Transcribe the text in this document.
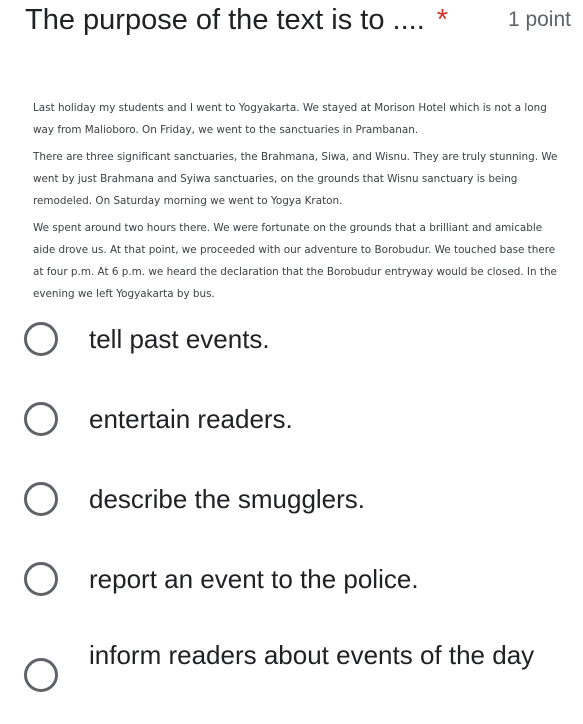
The purpose of the text is to .... *	1 point

Last holiday my students and I went to Yogyakarta. We stayed at Morison Hotel which is not a long way from Malioboro. On Friday, we went to the sanctuaries in Prambanan.

There are three significant sanctuaries, the Brahmana, Siwa, and Wisnu. They are truly stunning. We went by just Brahmana and Syiwa sanctuaries, on the grounds that Wisnu sanctuary is being remodeled. On Saturday morning we went to Yogya Kraton.

We spent around two hours there. We were fortunate on the grounds that a brilliant and amicable aide drove us. At that point, we proceeded with our adventure to Borobudur. We touched base there at four p.m. At 6 p.m. we heard the declaration that the Borobudur entryway would be closed. In the evening we left Yogyakarta by bus.

tell past events.
entertain readers.
describe the smugglers.
report an event to the police.
inform readers about events of the day
